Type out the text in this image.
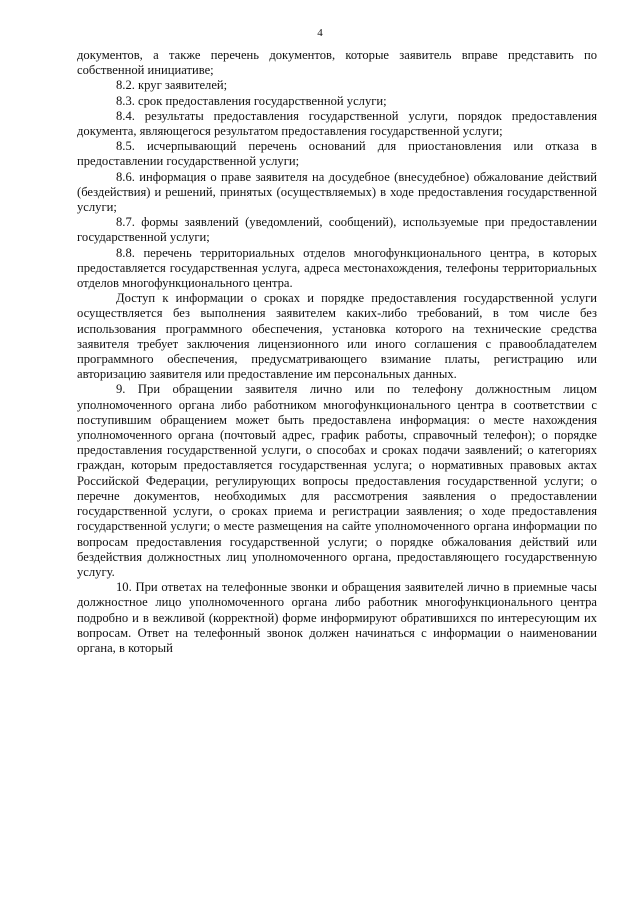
4

документов, а также перечень документов, которые заявитель вправе представить по собственной инициативе;

8.2. круг заявителей;

8.3. срок предоставления государственной услуги;

8.4. результаты предоставления государственной услуги, порядок предоставления документа, являющегося результатом предоставления государственной услуги;

8.5. исчерпывающий перечень оснований для приостановления или отказа в предоставлении государственной услуги;

8.6. информация о праве заявителя на досудебное (внесудебное) обжалование действий (бездействия) и решений, принятых (осуществляемых) в ходе предоставления государственной услуги;

8.7. формы заявлений (уведомлений, сообщений), используемые при предоставлении государственной услуги;

8.8. перечень территориальных отделов многофункционального центра, в которых предоставляется государственная услуга, адреса местонахождения, телефоны территориальных отделов многофункционального центра.

Доступ к информации о сроках и порядке предоставления государственной услуги осуществляется без выполнения заявителем каких-либо требований, в том числе без использования программного обеспечения, установка которого на технические средства заявителя требует заключения лицензионного или иного соглашения с правообладателем программного обеспечения, предусматривающего взимание платы, регистрацию или авторизацию заявителя или предоставление им персональных данных.

9. При обращении заявителя лично или по телефону должностным лицом уполномоченного органа либо работником многофункционального центра в соответствии с поступившим обращением может быть предоставлена информация: о месте нахождения уполномоченного органа (почтовый адрес, график работы, справочный телефон); о порядке предоставления государственной услуги, о способах и сроках подачи заявлений; о категориях граждан, которым предоставляется государственная услуга; о нормативных правовых актах Российской Федерации, регулирующих вопросы предоставления государственной услуги; о перечне документов, необходимых для рассмотрения заявления о предоставлении государственной услуги, о сроках приема и регистрации заявления; о ходе предоставления государственной услуги; о месте размещения на сайте уполномоченного органа информации по вопросам предоставления государственной услуги; о порядке обжалования действий или бездействия должностных лиц уполномоченного органа, предоставляющего государственную услугу.

10. При ответах на телефонные звонки и обращения заявителей лично в приемные часы должностное лицо уполномоченного органа либо работник многофункционального центра подробно и в вежливой (корректной) форме информируют обратившихся по интересующим их вопросам. Ответ на телефонный звонок должен начинаться с информации о наименовании органа, в который
